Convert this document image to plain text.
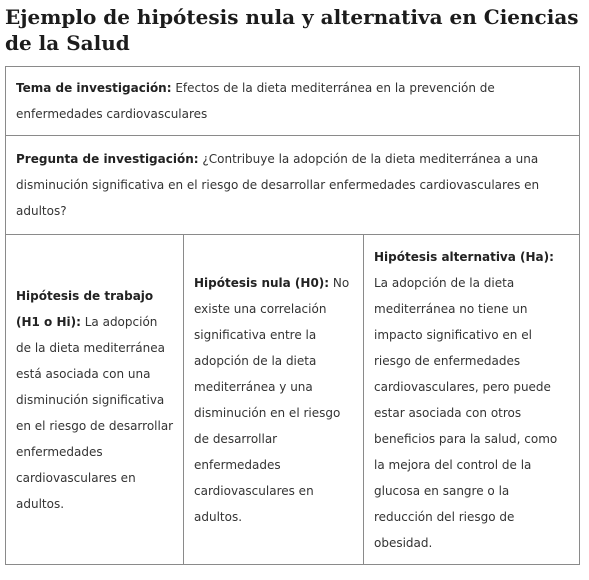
Ejemplo de hipótesis nula y alternativa en Ciencias de la Salud

Tema de investigación: Efectos de la dieta mediterránea en la prevención de enfermedades cardiovasculares

Pregunta de investigación: ¿Contribuye la adopción de la dieta mediterránea a una disminución significativa en el riesgo de desarrollar enfermedades cardiovasculares en adultos?

Hipótesis de trabajo (H1 o Hi): La adopción de la dieta mediterránea está asociada con una disminución significativa en el riesgo de desarrollar enfermedades cardiovasculares en adultos.

Hipótesis nula (H0): No existe una correlación significativa entre la adopción de la dieta mediterránea y una disminución en el riesgo de desarrollar enfermedades cardiovasculares en adultos.

Hipótesis alternativa (Ha): La adopción de la dieta mediterránea no tiene un impacto significativo en el riesgo de enfermedades cardiovasculares, pero puede estar asociada con otros beneficios para la salud, como la mejora del control de la glucosa en sangre o la reducción del riesgo de obesidad.
